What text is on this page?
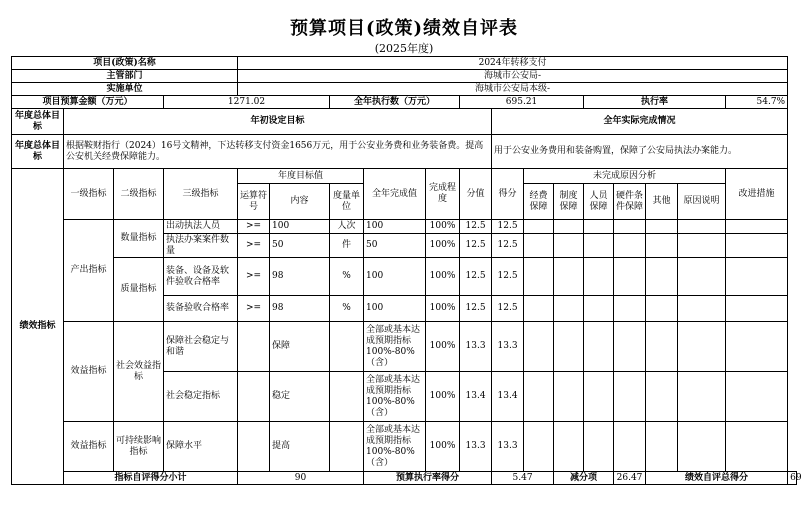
预算项目(政策)绩效自评表
(2025年度)
项目(政策)名称				2024年转移支付														
主管部门				海城市公安局-														
实施单位				海城市公安局本级-														
项目预算金额（万元）			1271.02			全年执行数（万元）			695.21				执行率				54.7%	
年度总体目标	年初设定目标									全年实际完成情况								
年度总体目标	根据鞍财指行（2024）16号文精神，下达转移支付资金1656万元，用于公安业务费和业务装备费。提高公安机关经费保障能力。									用于公安业务费用和装备购置，保障了公安局执法办案能力。								
绩效指标	一级指标	二级指标	三级指标	年度目标值			全年完成值	完成程度	分值	得分	未完成原因分析						改进措施	
				运算符号	内容	度量单位					经费保障	制度保障	人员保障	硬件条件保障	其他	原因说明		
	产出指标	数量指标	出动执法人员	>=	100	人次	100	100%	12.5	12.5								
			执法办案案件数量	>=	50	件	50	100%	12.5	12.5								
		质量指标	装备、设备及软件验收合格率	>=	98	%	100	100%	12.5	12.5								
			装备验收合格率	>=	98	%	100	100%	12.5	12.5								
	效益指标	社会效益指标	保障社会稳定与和谐		保障		全部或基本达成预期指标100%-80%（含）	100%	13.3	13.3								
			社会稳定指标		稳定		全部或基本达成预期指标100%-80%（含）	100%	13.4	13.4								
	效益指标	可持续影响指标	保障水平		提高		全部或基本达成预期指标100%-80%（含）	100%	13.3	13.3								
	指标自评得分小计			90			预算执行率得分			5.47		减分项		26.47	绩效自评总得分			69
